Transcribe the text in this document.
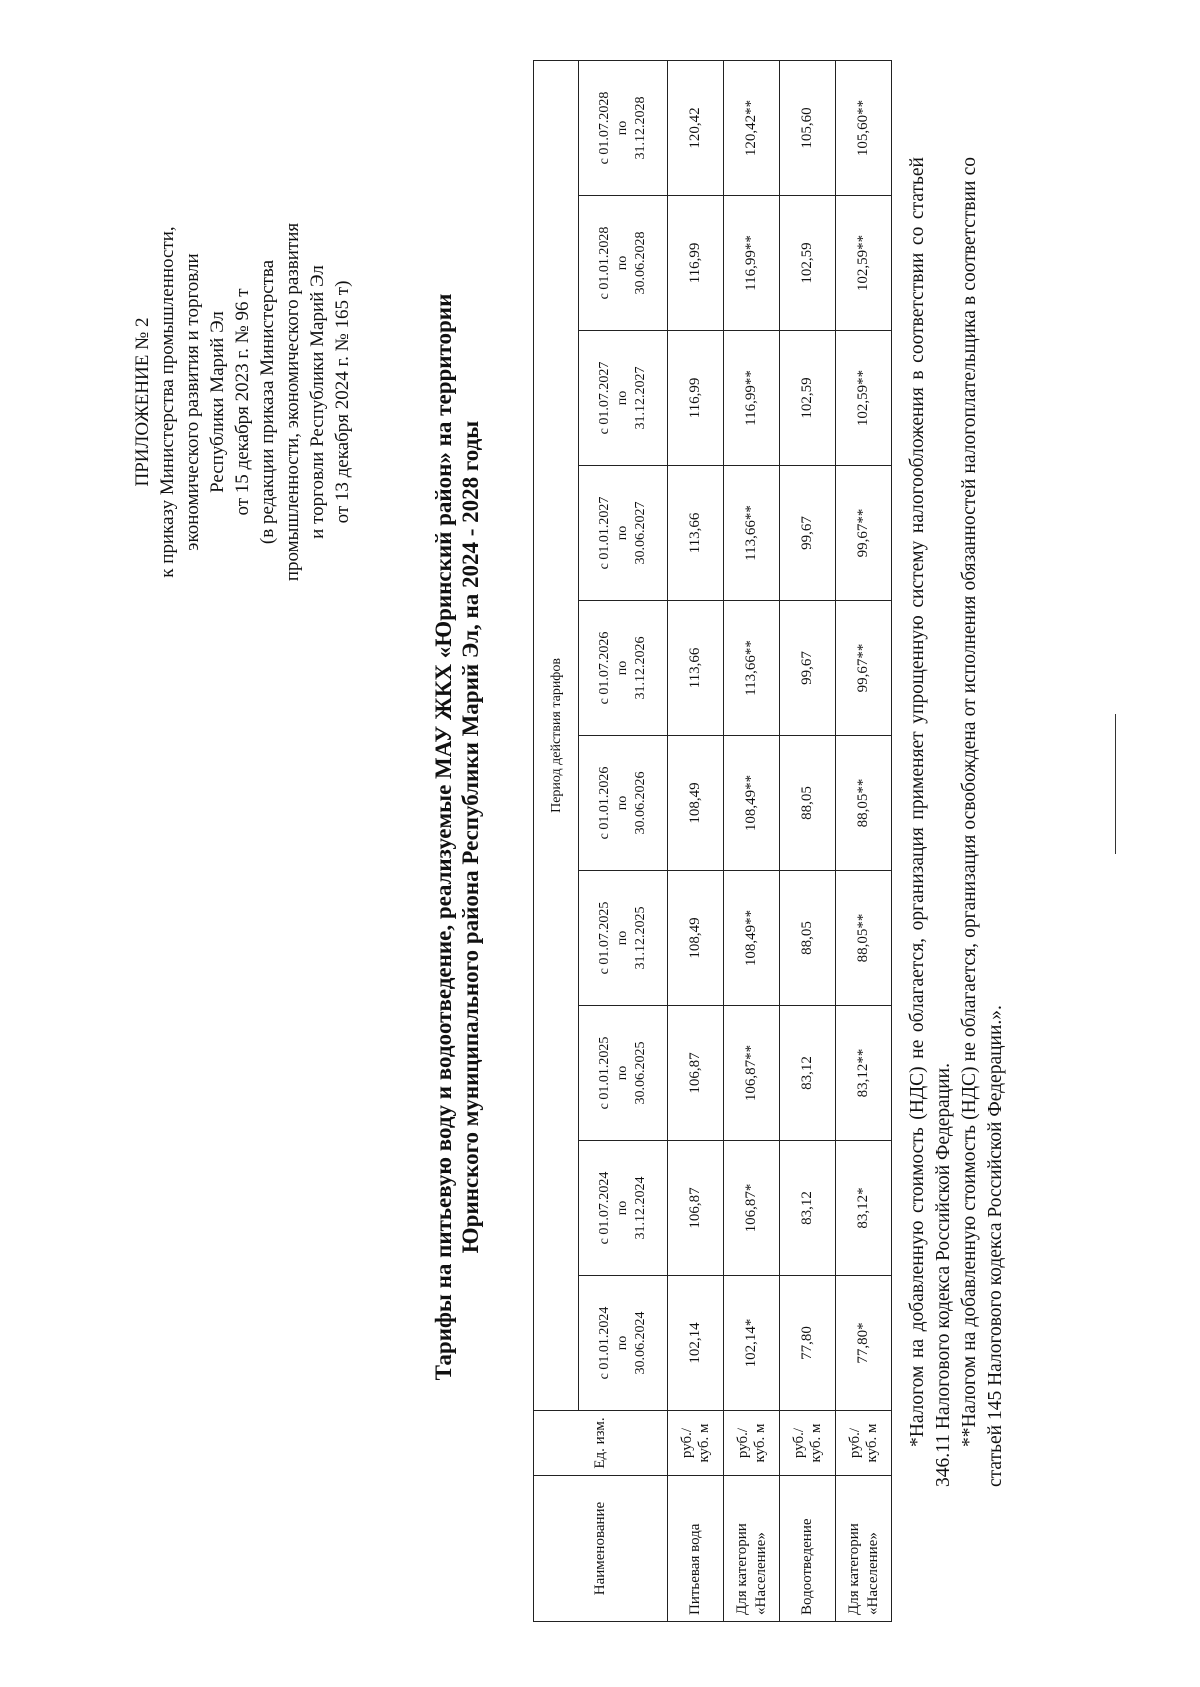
ПРИЛОЖЕНИЕ № 2 к приказу Министерства промышленности, экономического развития и торговли Республики Марий Эл от 15 декабря 2023 г. № 96 т (в редакции приказа Министерства промышленности, экономического развития и торговли Республики Марий Эл от 13 декабря 2024 г. № 165 т)	Тарифы на питьевую воду и водоотведение, реализуемые МАУ ЖКХ «Юринский район» на территории Юринского муниципального района Республики Марий Эл, на 2024 - 2028 годы
Наименование	Ед. изм.	Период действия тарифов									

		с 01.01.2024 по 30.06.2024	с 01.07.2024 по 31.12.2024	с 01.01.2025 по 30.06.2025	с 01.07.2025 по 31.12.2025	с 01.01.2026 по 30.06.2026	с 01.07.2026 по 31.12.2026	с 01.01.2027 по 30.06.2027	с 01.07.2027 по 31.12.2027	с 01.01.2028 по 30.06.2028	с 01.07.2028 по 31.12.2028

Питьевая вода	руб./ куб. м	102,14	106,87	106,87	108,49	108,49	113,66	113,66	116,99	116,99	120,42
Для категории «Население»	руб./ куб. м	102,14*	106,87*	106,87**	108,49**	108,49**	113,66**	113,66**	116,99**	116,99**	120,42**
Водоотведение	руб./ куб. м	77,80	83,12	83,12	88,05	88,05	99,67	99,67	102,59	102,59	105,60
Для категории «Население»	руб./ куб. м	77,80*	83,12*	83,12**	88,05**	88,05**	99,67**	99,67**	102,59**	102,59**	105,60**

*Налогом на добавленную стоимость (НДС) не облагается, организация применяет упрощенную систему налогообложения в соответствии со статьей 346.11 Налогового кодекса Российской Федерации. **Налогом на добавленную стоимость (НДС) не облагается, организация освобождена от исполнения обязанностей налогоплательщика в соответствии со статьей 145 Налогового кодекса Российской Федерации.».
